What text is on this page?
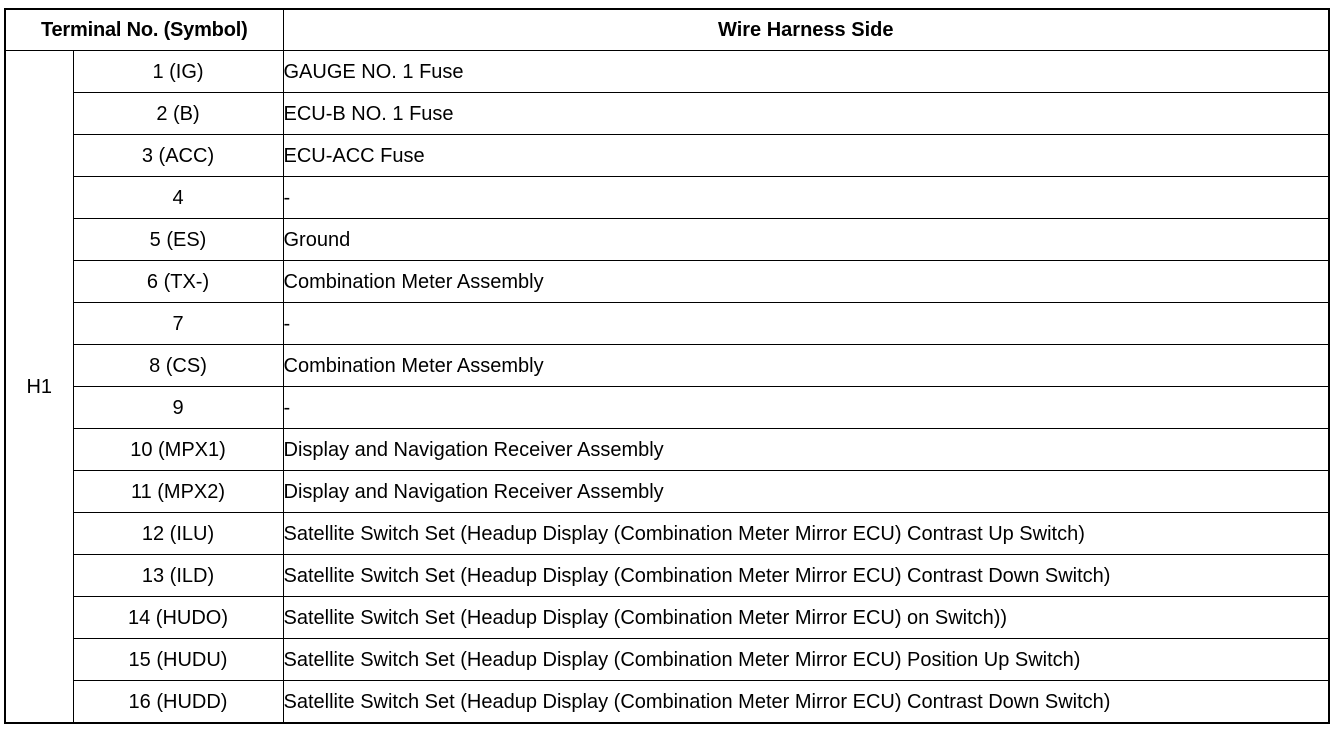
Terminal No. (Symbol)		Wire Harness Side
H1	1 (IG)	GAUGE NO. 1 Fuse
	2 (B)	ECU-B NO. 1 Fuse
	3 (ACC)	ECU-ACC Fuse
	4	-
	5 (ES)	Ground
	6 (TX-)	Combination Meter Assembly
	7	-
	8 (CS)	Combination Meter Assembly
	9	-
	10 (MPX1)	Display and Navigation Receiver Assembly
	11 (MPX2)	Display and Navigation Receiver Assembly
	12 (ILU)	Satellite Switch Set (Headup Display (Combination Meter Mirror ECU) Contrast Up Switch)
	13 (ILD)	Satellite Switch Set (Headup Display (Combination Meter Mirror ECU) Contrast Down Switch)
	14 (HUDO)	Satellite Switch Set (Headup Display (Combination Meter Mirror ECU) on Switch))
	15 (HUDU)	Satellite Switch Set (Headup Display (Combination Meter Mirror ECU) Position Up Switch)
	16 (HUDD)	Satellite Switch Set (Headup Display (Combination Meter Mirror ECU) Contrast Down Switch)
